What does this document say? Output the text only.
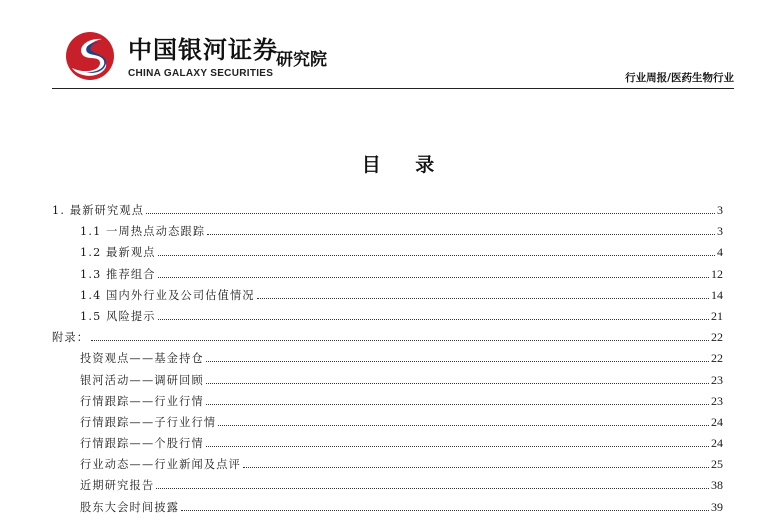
中国银河证券
CHINA GALAXY SECURITIES
研究院
行业周报/医药生物行业
目 录
1. 最新研究观点	3
1.1 一周热点动态跟踪	3
1.2 最新观点	4
1.3 推荐组合	12
1.4 国内外行业及公司估值情况	14
1.5 风险提示	21
附录：	22
投资观点——基金持仓	22
银河活动——调研回顾	23
行情跟踪——行业行情	23
行情跟踪——子行业行情	24
行情跟踪——个股行情	24
行业动态——行业新闻及点评	25
近期研究报告	38
股东大会时间披露	39
